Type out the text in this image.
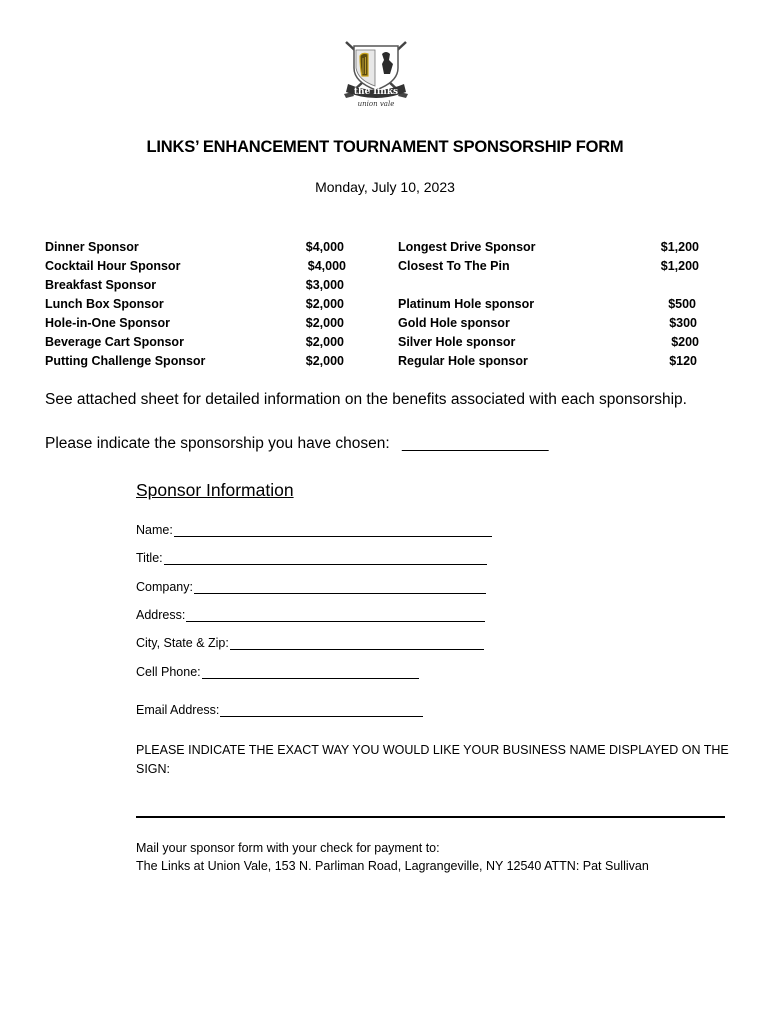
the links
union vale
LINKS’ ENHANCEMENT TOURNAMENT SPONSORSHIP FORM
Monday, July 10, 2023
Dinner Sponsor	$4,000
Cocktail Hour Sponsor	$4,000
Breakfast Sponsor	$3,000
Lunch Box Sponsor	$2,000
Hole-in-One Sponsor	$2,000
Beverage Cart Sponsor	$2,000
Putting Challenge Sponsor	$2,000
Longest Drive Sponsor	$1,200
Closest To The Pin	$1,200
Platinum Hole sponsor	$500
Gold Hole sponsor	$300
Silver Hole sponsor	$200
Regular Hole sponsor	$120
See attached sheet for detailed information on the benefits associated with each sponsorship.
Please indicate the sponsorship you have chosen: _________________
Sponsor Information
Name:
Title:
Company:
Address:
City, State & Zip:
Cell Phone:
Email Address:
PLEASE INDICATE THE EXACT WAY YOU WOULD LIKE YOUR BUSINESS NAME DISPLAYED ON THE SIGN:
Mail your sponsor form with your check for payment to:
The Links at Union Vale, 153 N. Parliman Road, Lagrangeville, NY 12540 ATTN: Pat Sullivan
